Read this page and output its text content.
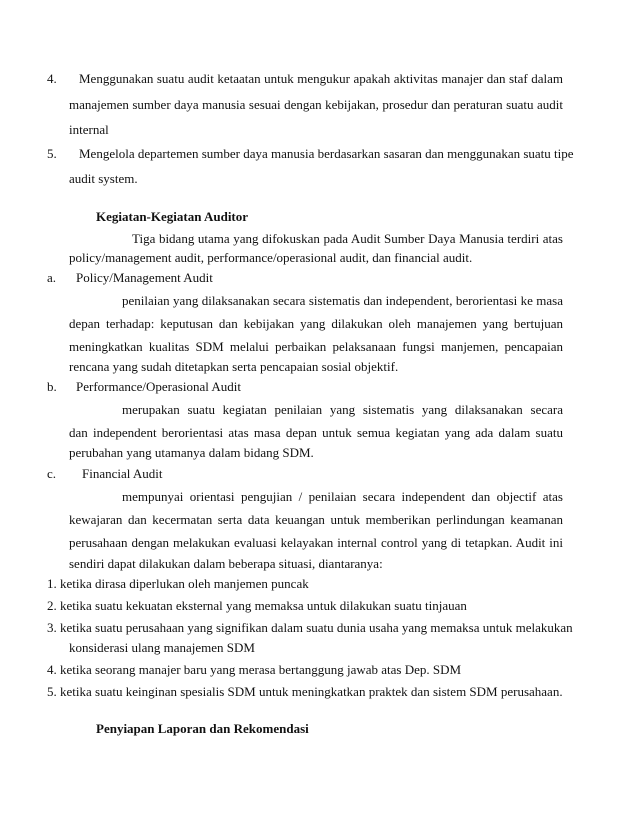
4. Menggunakan suatu audit ketaatan untuk mengukur apakah aktivitas manajer dan staf dalam
manajemen sumber daya manusia sesuai dengan kebijakan, prosedur dan peraturan suatu audit
internal
5. Mengelola departemen sumber daya manusia berdasarkan sasaran dan menggunakan suatu tipe
audit system.
Kegiatan-Kegiatan Auditor
Tiga bidang utama yang difokuskan pada Audit Sumber Daya Manusia terdiri atas
policy/management audit, performance/operasional audit, dan financial audit.
a. Policy/Management Audit
penilaian yang dilaksanakan secara sistematis dan independent, berorientasi ke masa
depan terhadap: keputusan dan kebijakan yang dilakukan oleh manajemen yang bertujuan
meningkatkan kualitas SDM melalui perbaikan pelaksanaan fungsi manjemen, pencapaian
rencana yang sudah ditetapkan serta pencapaian sosial objektif.
b. Performance/Operasional Audit
merupakan suatu kegiatan penilaian yang sistematis yang dilaksanakan secara
dan independent berorientasi atas masa depan untuk semua kegiatan yang ada dalam suatu
perubahan yang utamanya dalam bidang SDM.
c. Financial Audit
mempunyai orientasi pengujian / penilaian secara independent dan objectif atas
kewajaran dan kecermatan serta data keuangan untuk memberikan perlindungan keamanan
perusahaan dengan melakukan evaluasi kelayakan internal control yang di tetapkan. Audit ini
sendiri dapat dilakukan dalam beberapa situasi, diantaranya:
1. ketika dirasa diperlukan oleh manjemen puncak
2. ketika suatu kekuatan eksternal yang memaksa untuk dilakukan suatu tinjauan
3. ketika suatu perusahaan yang signifikan dalam suatu dunia usaha yang memaksa untuk melakukan
konsiderasi ulang manajemen SDM
4. ketika seorang manajer baru yang merasa bertanggung jawab atas Dep. SDM
5. ketika suatu keinginan spesialis SDM untuk meningkatkan praktek dan sistem SDM perusahaan.
Penyiapan Laporan dan Rekomendasi
